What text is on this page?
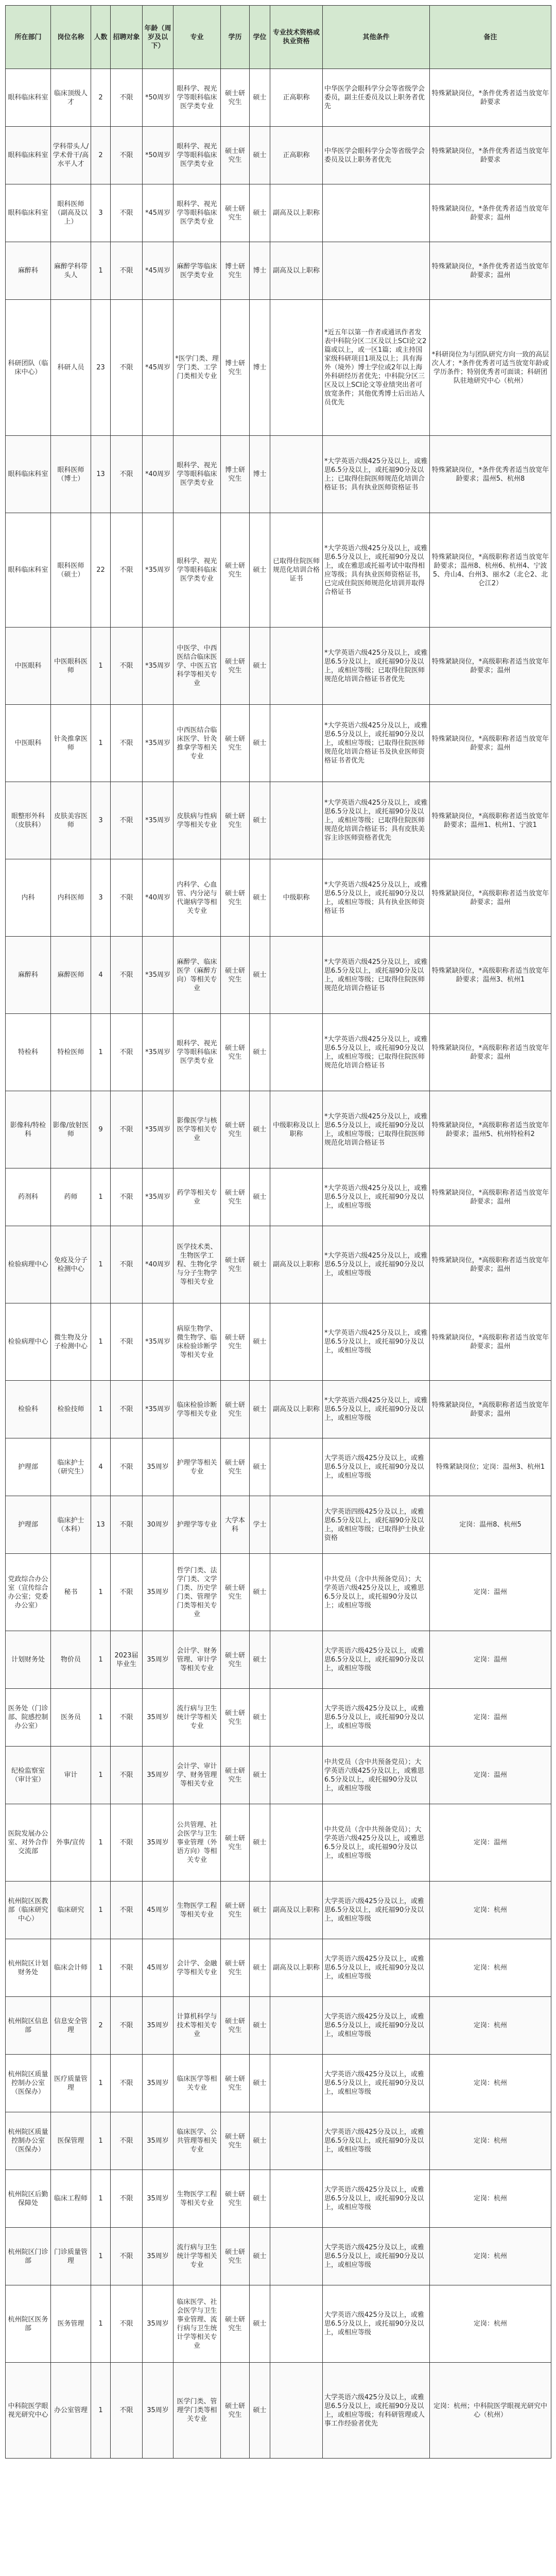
所在部门	岗位名称	人数	招聘对象	年龄（周岁及以下）	专业	学历	学位	专业技术资格或执业资格	其他条件	备注
眼科临床科室	临床顶级人才	2	不限	*50周岁	眼科学、视光学等眼科临床医学类专业	硕士研究生	硕士	正高职称	中华医学会眼科学分会等省级学会委员，副主任委员及以上职务者优先	特殊紧缺岗位，*条件优秀者适当放宽年龄要求
眼科临床科室	学科带头人/学术骨干/高水平人才	2	不限	*50周岁	眼科学、视光学等眼科临床医学类专业	硕士研究生	硕士	正高职称	中华医学会眼科学分会等省级学会委员及以上职务者优先	特殊紧缺岗位，*条件优秀者适当放宽年龄要求
眼科临床科室	眼科医师（副高及以上）	3	不限	*45周岁	眼科学、视光学等眼科临床医学类专业	硕士研究生	硕士	副高及以上职称		特殊紧缺岗位，*条件优秀者适当放宽年龄要求；温州
麻醉科	麻醉学科带头人	1	不限	*45周岁	麻醉学等临床医学类专业	博士研究生	博士	副高及以上职称		特殊紧缺岗位，*条件优秀者适当放宽年龄要求；温州
科研团队（临床中心）	科研人员	23	不限	*45周岁	*医学门类、理学门类、工学门类相关专业	博士研究生	博士		*近五年以第一作者或通讯作者发表中科院分区二区及以上SCI论文2篇或以上，或一区1篇；或主持国家级科研项目1项及以上；具有海外（境外）博士学位或2年以上海外科研经历者优先；中科院分区三区及以上SCI论文等业绩突出者可放宽条件；其他优秀博士后出站人员优先	*科研岗位为与团队研究方向一致的高层次人才；*条件优秀者可适当放宽年龄或学历条件；特别优秀者可面谈；科研团队驻地研究中心（杭州）
眼科临床科室	眼科医师（博士）	13	不限	*40周岁	眼科学、视光学等眼科临床医学类专业	博士研究生	博士		*大学英语六级425分及以上，或雅思6.5分及以上，或托福90分及以上；已取得住院医师规范化培训合格证书；具有执业医师资格证书	特殊紧缺岗位，*条件优秀者适当放宽年龄要求；温州5、杭州8
眼科临床科室	眼科医师（硕士）	22	不限	*35周岁	眼科学、视光学等眼科临床医学类专业	硕士研究生	硕士	已取得住院医师规范化培训合格证书	*大学英语六级425分及以上，或雅思6.5分及以上，或托福90分及以上，或在雅思或托福考试中取得相应等级；具有执业医师资格证书，已完成住院医师规范化培训并取得合格证书	特殊紧缺岗位，*高级职称者适当放宽年龄要求；温州8、杭州6、杭州4、宁波5、舟山4、台州3、丽水2（北仑2、北仑江2）
中医眼科	中医眼科医师	1	不限	*35周岁	中医学、中西医结合临床医学、中医五官科学等相关专业	硕士研究生	硕士		*大学英语六级425分及以上，或雅思6.5分及以上，或托福90分及以上，或相应等级；已取得住院医师规范化培训合格证书者优先	特殊紧缺岗位，*高级职称者适当放宽年龄要求；温州
中医眼科	针灸推拿医师	1	不限	*35周岁	中西医结合临床医学、针灸推拿学等相关专业	硕士研究生	硕士		*大学英语六级425分及以上，或雅思6.5分及以上，或托福90分及以上，或相应等级；已取得住院医师规范化培训合格证书及执业医师资格证书者优先	特殊紧缺岗位，*高级职称者适当放宽年龄要求；温州
眼整形外科（皮肤科）	皮肤美容医师	3	不限	*35周岁	皮肤病与性病学等相关专业	硕士研究生	硕士		*大学英语六级425分及以上，或雅思6.5分及以上，或托福90分及以上，或相应等级；已取得住院医师规范化培训合格证书；具有皮肤美容主诊医师资格者优先	特殊紧缺岗位，*高级职称者适当放宽年龄要求；温州1、杭州1、宁波1
内科	内科医师	3	不限	*40周岁	内科学、心血管、内分泌与代谢病学等相关专业	硕士研究生	硕士	中级职称	*大学英语六级425分及以上，或雅思6.5分及以上，或托福90分及以上，或相应等级；具有执业医师资格证书	特殊紧缺岗位，*高级职称者适当放宽年龄要求；温州
麻醉科	麻醉医师	4	不限	*35周岁	麻醉学、临床医学（麻醉方向）等相关专业	硕士研究生	硕士		*大学英语六级425分及以上，或雅思6.5分及以上，或托福90分及以上，或相应等级；已取得住院医师规范化培训合格证书	特殊紧缺岗位，*高级职称者适当放宽年龄要求；温州3、杭州1
特检科	特检医师	1	不限	*35周岁	眼科学、视光学等眼科临床医学类专业	硕士研究生	硕士		*大学英语六级425分及以上，或雅思6.5分及以上，或托福90分及以上，或相应等级；已取得住院医师规范化培训合格证书	特殊紧缺岗位，*高级职称者适当放宽年龄要求；温州
影像科/特检科	影像/放射医师	9	不限	*35周岁	影像医学与核医学等相关专业	硕士研究生	硕士	中级职称及以上职称	*大学英语六级425分及以上，或雅思6.5分及以上，或托福90分及以上，或相应等级；已取得住院医师规范化培训合格证书	特殊紧缺岗位，*高级职称者适当放宽年龄要求；温州5、杭州特检科2
药剂科	药师	1	不限	*35周岁	药学等相关专业	硕士研究生	硕士		*大学英语六级425分及以上，或雅思6.5分及以上，或托福90分及以上，或相应等级	特殊紧缺岗位，*高级职称者适当放宽年龄要求；温州
检验病理中心	免疫及分子检测中心	1	不限	*40周岁	医学技术类、生物医学工程、生物化学与分子生物学等相关专业	硕士研究生	硕士	副高及以上职称	*大学英语六级425分及以上，或雅思6.5分及以上，或托福90分及以上，或相应等级	特殊紧缺岗位，*高级职称者适当放宽年龄要求；温州
检验病理中心	微生物及分子检测中心	1	不限	*35周岁	病原生物学、微生物学、临床检验诊断学等相关专业	硕士研究生	硕士		*大学英语六级425分及以上，或雅思6.5分及以上，或托福90分及以上，或相应等级	特殊紧缺岗位，*高级职称者适当放宽年龄要求；温州
检验科	检验技师	1	不限	*35周岁	临床检验诊断学等相关专业	硕士研究生	硕士	副高及以上职称	*大学英语六级425分及以上，或雅思6.5分及以上，或托福90分及以上，或相应等级	特殊紧缺岗位，*高级职称者适当放宽年龄要求；温州
护理部	临床护士（研究生）	4	不限	35周岁	护理学等相关专业	硕士研究生	硕士		大学英语六级425分及以上，或雅思6.5分及以上，或托福90分及以上，或相应等级	特殊紧缺岗位；定岗：温州3、杭州1
护理部	临床护士（本科）	13	不限	30周岁	护理学等专业	大学本科	学士		大学英语四级425分及以上，或雅思6.5分及以上，或托福90分及以上，或相应等级；已取得护士执业资格	定岗：温州8、杭州5
党政综合办公室（宣传综合办公室；党委办公室）	秘书	1	不限	35周岁	哲学门类、法学门类、文学门类、历史学门类、管理学门类等相关专业	硕士研究生	硕士		中共党员（含中共预备党员）；大学英语六级425分及以上，或雅思6.5分及以上，或托福90分及以上；或相应等级	定岗：温州
计划财务处	物价员	1	2023届毕业生	35周岁	会计学、财务管理、审计学等相关专业	硕士研究生	硕士		大学英语六级425分及以上，或雅思6.5分及以上，或托福90分及以上，或相应等级	定岗：温州
医务处（门诊部、院感控制办公室）	医务员	1	不限	35周岁	流行病与卫生统计学等相关专业	硕士研究生	硕士		大学英语六级425分及以上，或雅思6.5分及以上，或托福90分及以上，或相应等级	定岗：温州
纪检监察室（审计室）	审计	1	不限	35周岁	会计学、审计学、财务管理等相关专业	硕士研究生	硕士		中共党员（含中共预备党员）；大学英语六级425分及以上，或雅思6.5分及以上，或托福90分及以上，或相应等级	定岗：温州
医院发展办公室、对外合作交流部	外事/宣传	1	不限	35周岁	公共管理、社会医学与卫生事业管理（外语方向）等相关专业	硕士研究生	硕士		中共党员（含中共预备党员）；大学英语六级425分及以上，或雅思6.5分及以上，或托福90分及以上，或相应等级	定岗：温州
杭州院区医教部（临床研究中心）	临床研究	1	不限	45周岁	生物医学工程等相关专业	硕士研究生	硕士	副高及以上职称	大学英语六级425分及以上，或雅思6.5分及以上，或托福90分及以上，或相应等级	定岗：杭州
杭州院区计划财务处	临床会计师	1	不限	45周岁	会计学、金融学等相关专业	硕士研究生	硕士	副高及以上职称	大学英语六级425分及以上，或雅思6.5分及以上，或托福90分及以上，或相应等级	定岗：杭州
杭州院区信息部	信息安全管理	2	不限	35周岁	计算机科学与技术等相关专业	硕士研究生	硕士		大学英语六级425分及以上，或雅思6.5分及以上，或托福90分及以上，或相应等级	定岗：杭州
杭州院区质量控制办公室（医保办）	医疗质量管理	1	不限	35周岁	临床医学等相关专业	硕士研究生	硕士		大学英语六级425分及以上，或雅思6.5分及以上，或托福90分及以上，或相应等级	定岗：杭州
杭州院区质量控制办公室（医保办）	医保管理	1	不限	35周岁	临床医学、公共管理等相关专业	硕士研究生	硕士		大学英语六级425分及以上，或雅思6.5分及以上，或托福90分及以上，或相应等级	定岗：杭州
杭州院区后勤保障处	临床工程师	1	不限	35周岁	生物医学工程等相关专业	硕士研究生	硕士		大学英语六级425分及以上，或雅思6.5分及以上，或托福90分及以上，或相应等级	定岗：杭州
杭州院区门诊部	门诊质量管理	1	不限	35周岁	流行病与卫生统计学等相关专业	硕士研究生	硕士		大学英语六级425分及以上，或雅思6.5分及以上，或托福90分及以上，或相应等级	定岗：杭州
杭州院区医务部	医务管理	1	不限	35周岁	临床医学、社会医学与卫生事业管理、流行病与卫生统计学等相关专业	硕士研究生	硕士		大学英语六级425分及以上，或雅思6.5分及以上，或托福90分及以上，或相应等级	定岗：杭州
中科院医学眼视光研究中心	办公室管理	1	不限	35周岁	医学门类、管理学门类等相关专业	硕士研究生	硕士		大学英语六级425分及以上，或雅思6.5分及以上，或托福90分及以上，或相应等级；有科研管理或人事工作经验者优先	定岗：杭州；中科院医学眼视光研究中心（杭州）
